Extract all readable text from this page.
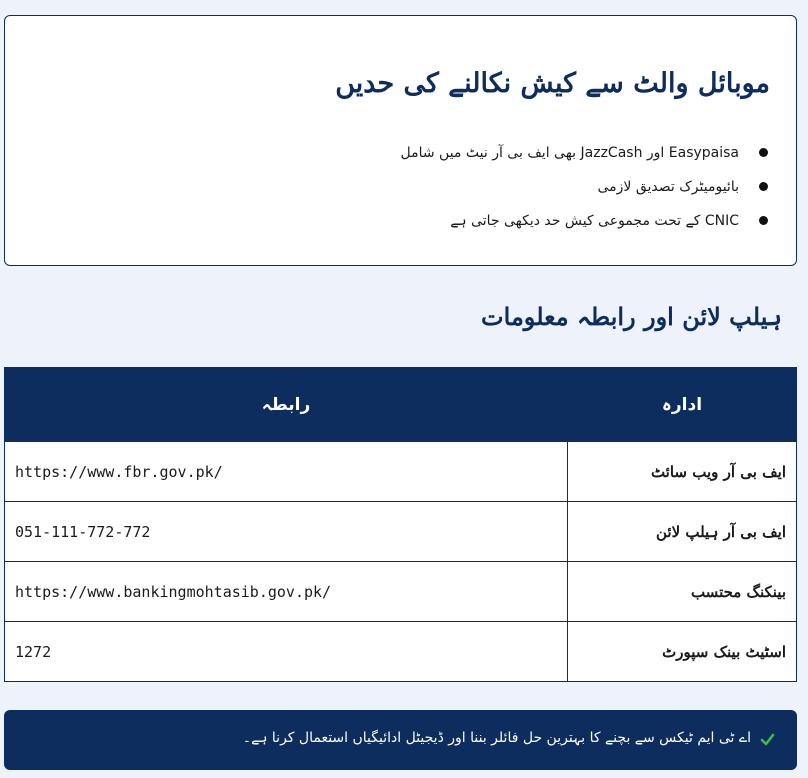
موبائل والٹ سے کیش نکالنے کی حدیں
Easypaisa اور JazzCash بھی ایف بی آر نیٹ میں شامل
بائیومیٹرک تصدیق لازمی
CNIC کے تحت مجموعی کیش حد دیکھی جاتی ہے
ہیلپ لائن اور رابطہ معلومات
ادارہ	رابطہ
ایف بی آر ویب سائٹ	https://www.fbr.gov.pk/
ایف بی آر ہیلپ لائن	051-111-772-772
بینکنگ محتسب	https://www.bankingmohtasib.gov.pk/
اسٹیٹ بینک سپورٹ	1272
اے ٹی ایم ٹیکس سے بچنے کا بہترین حل فائلر بننا اور ڈیجیٹل ادائیگیاں استعمال کرنا ہے۔
